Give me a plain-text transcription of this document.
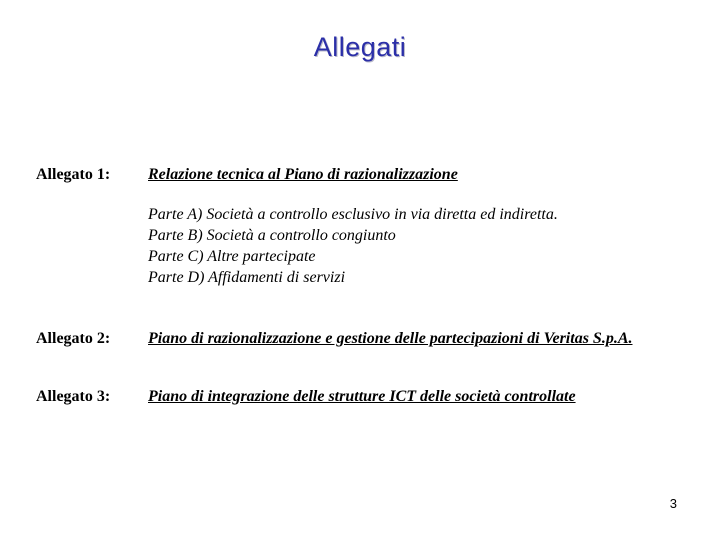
Allegati
Allegato 1: Relazione tecnica al Piano di razionalizzazione
Parte A) Società a controllo esclusivo in via diretta ed indiretta.
Parte B) Società a controllo congiunto
Parte C) Altre partecipate
Parte D) Affidamenti di servizi
Allegato 2: Piano di razionalizzazione e gestione delle partecipazioni di Veritas S.p.A.
Allegato 3: Piano di integrazione delle strutture ICT delle società controllate
3
